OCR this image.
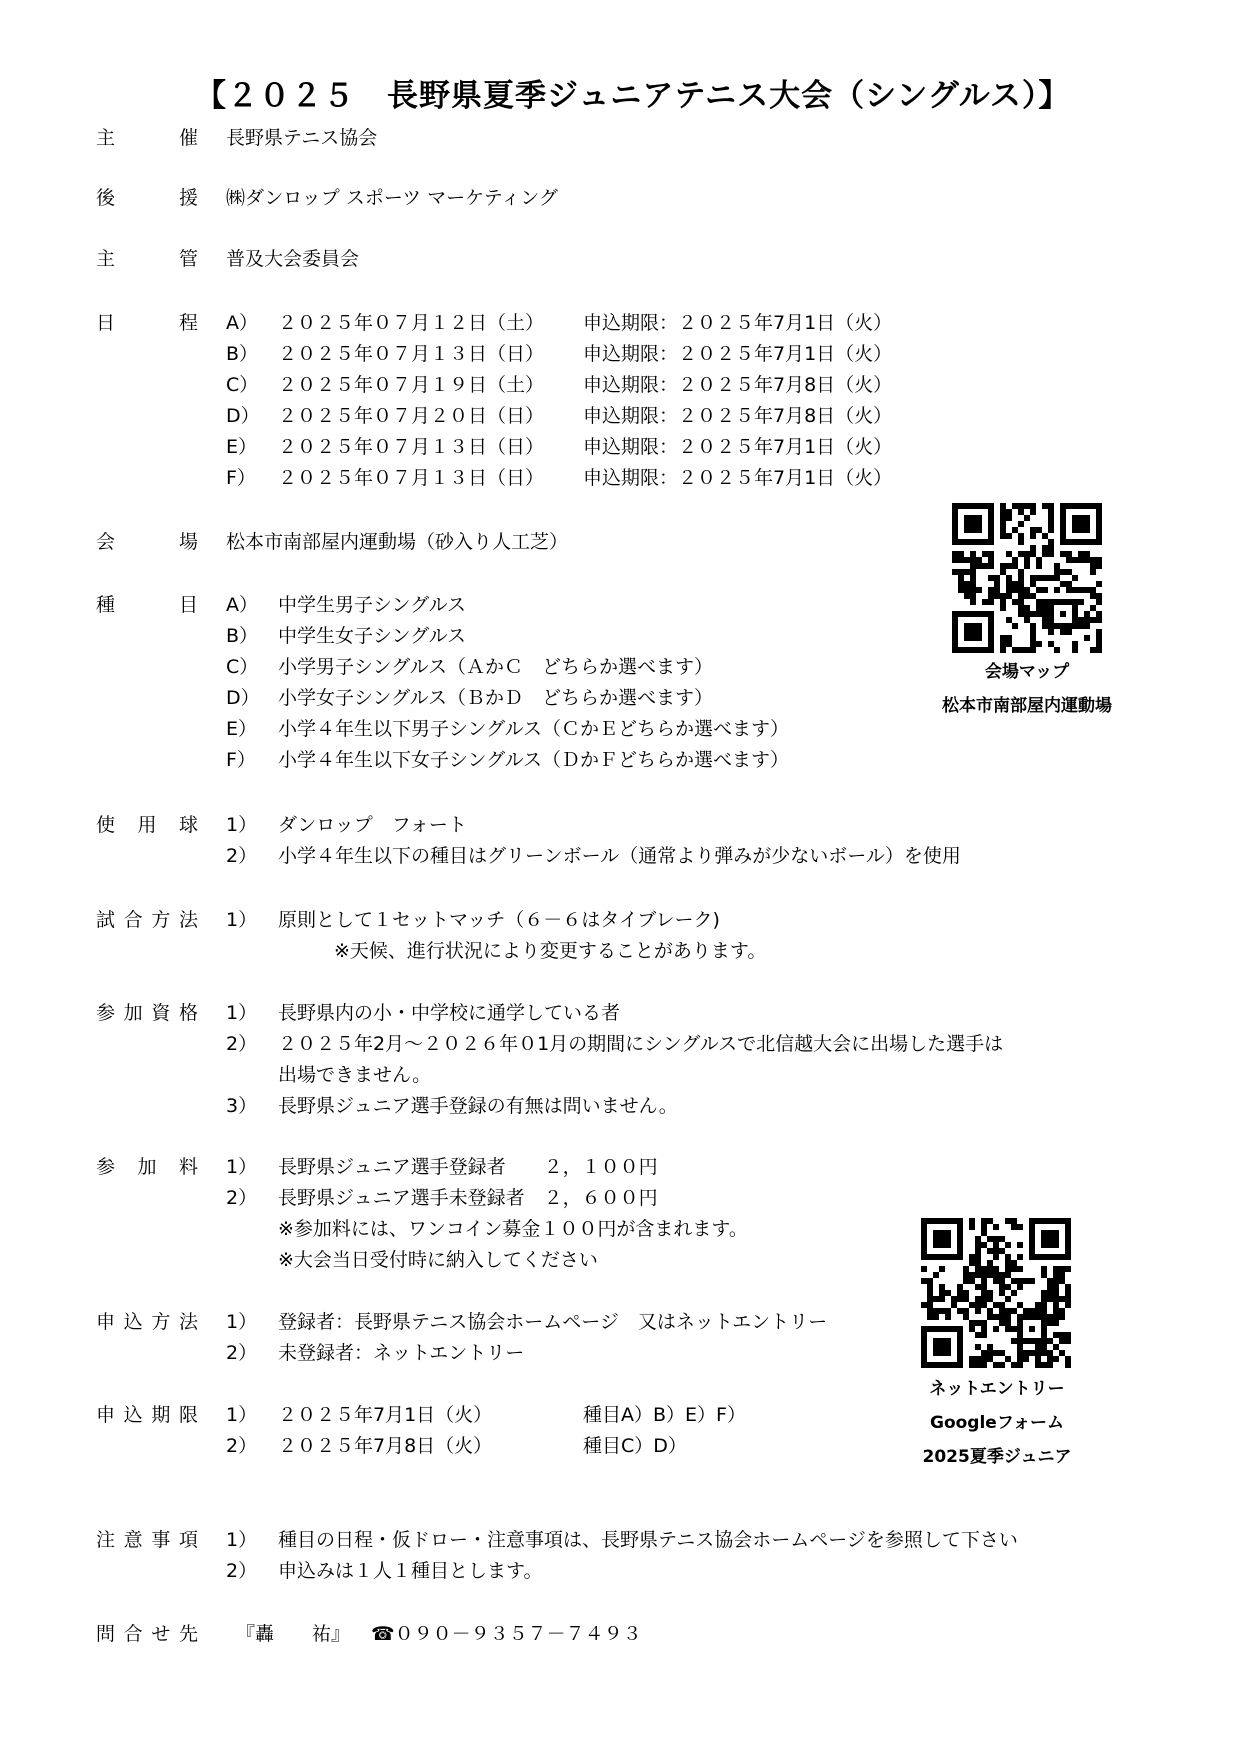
【２０２５　長野県夏季ジュニアテニス大会（シングルス）】
主	催 長野県テニス協会
後	援 ㈱ダンロップ スポーツ マーケティング
主	管 普及大会委員会
日	程 A） ２０２５年０７月１２日（土） 申込期限：２０２５年7月1日（火）
B） ２０２５年０７月１３日（日） 申込期限：２０２５年7月1日（火）
C） ２０２５年０７月１９日（土） 申込期限：２０２５年7月8日（火）
D） ２０２５年０７月２０日（日） 申込期限：２０２５年7月8日（火）
E） ２０２５年０７月１３日（日） 申込期限：２０２５年7月1日（火）
F） ２０２５年０７月１３日（日） 申込期限：２０２５年7月1日（火）
会	場 松本市南部屋内運動場（砂入り人工芝）
種	目 A） 中学生男子シングルス
B） 中学生女子シングルス
C） 小学男子シングルス（ＡかＣ　どちらか選べます）
D） 小学女子シングルス（ＢかＤ　どちらか選べます）
E） 小学４年生以下男子シングルス（ＣかＥどちらか選べます）
F） 小学４年生以下女子シングルス（ＤかＦどちらか選べます）
使 用 球 1） ダンロップ　フォート
2） 小学４年生以下の種目はグリーンボール（通常より弾みが少ないボール）を使用
試 合 方 法 1） 原則として１セットマッチ（６－６はタイブレーク)
※天候、進行状況により変更することがあります。
参 加 資 格 1） 長野県内の小・中学校に通学している者
2） ２０２５年2月～２０２６年０1月の期間にシングルスで北信越大会に出場した選手は
出場できません。
3） 長野県ジュニア選手登録の有無は問いません。
参 加 料 1） 長野県ジュニア選手登録者　　２，１００円
2） 長野県ジュニア選手未登録者　２，６００円
※参加料には、ワンコイン募金１００円が含まれます。
※大会当日受付時に納入してください
申 込 方 法 1） 登録者：長野県テニス協会ホームページ　又はネットエントリー
2） 未登録者：ネットエントリー
申 込 期 限 1） ２０２５年7月1日（火）	種目A）B）E）F）
2） ２０２５年7月8日（火）	種目C）D）
注 意 事 項 1） 種目の日程・仮ドロー・注意事項は、長野県テニス協会ホームページを参照して下さい
2） 申込みは１人１種目とします。
問 合 せ 先 『轟　　祐』 ☎０９０－９３５７－７４９３
会場マップ
松本市南部屋内運動場
ネットエントリー
Googleフォーム
2025夏季ジュニア
